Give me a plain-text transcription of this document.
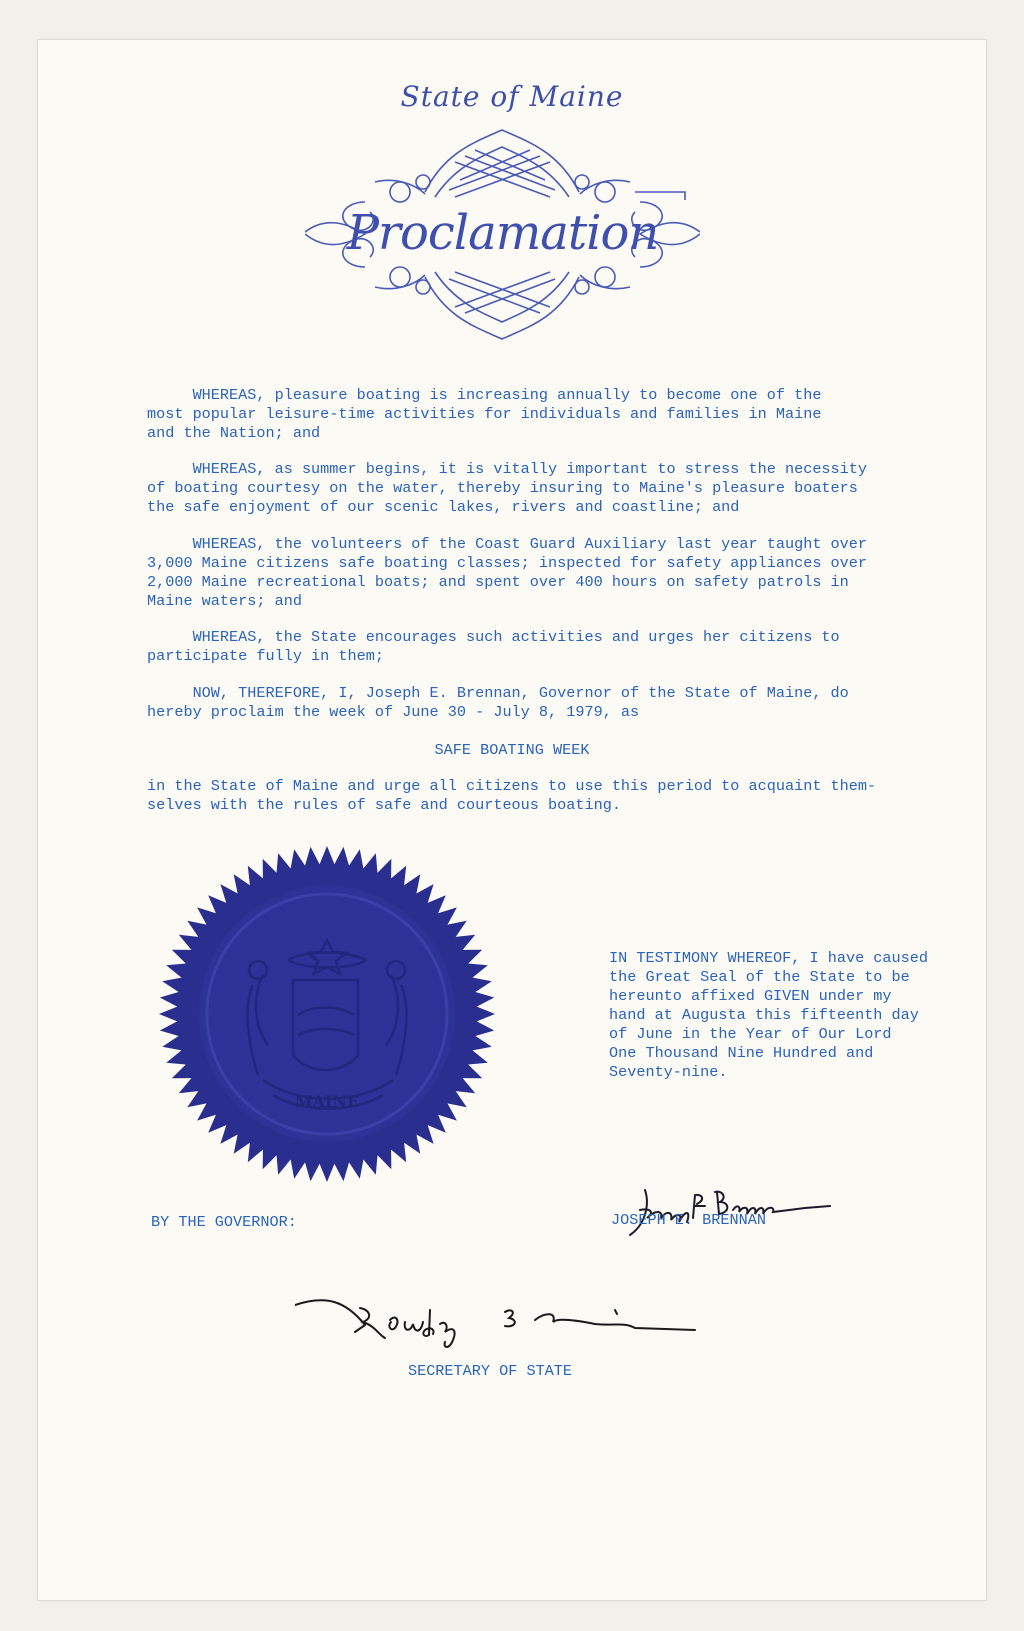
State of Maine
Proclamation
WHEREAS, pleasure boating is increasing annually to become one of the
most popular leisure-time activities for individuals and families in Maine
and the Nation; and
WHEREAS, as summer begins, it is vitally important to stress the necessity
of boating courtesy on the water, thereby insuring to Maine's pleasure boaters
the safe enjoyment of our scenic lakes, rivers and coastline; and
WHEREAS, the volunteers of the Coast Guard Auxiliary last year taught over
3,000 Maine citizens safe boating classes; inspected for safety appliances over
2,000 Maine recreational boats; and spent over 400 hours on safety patrols in
Maine waters; and
WHEREAS, the State encourages such activities and urges her citizens to
participate fully in them;
NOW, THEREFORE, I, Joseph E. Brennan, Governor of the State of Maine, do
hereby proclaim the week of June 30 - July 8, 1979, as
SAFE BOATING WEEK
in the State of Maine and urge all citizens to use this period to acquaint them-
selves with the rules of safe and courteous boating.
MAINE
IN TESTIMONY WHEREOF, I have caused
the Great Seal of the State to be
hereunto affixed GIVEN under my
hand at Augusta this fifteenth day
of June in the Year of Our Lord
One Thousand Nine Hundred and
Seventy-nine.
BY THE GOVERNOR:	JOSEPH E. BRENNAN
SECRETARY OF STATE
